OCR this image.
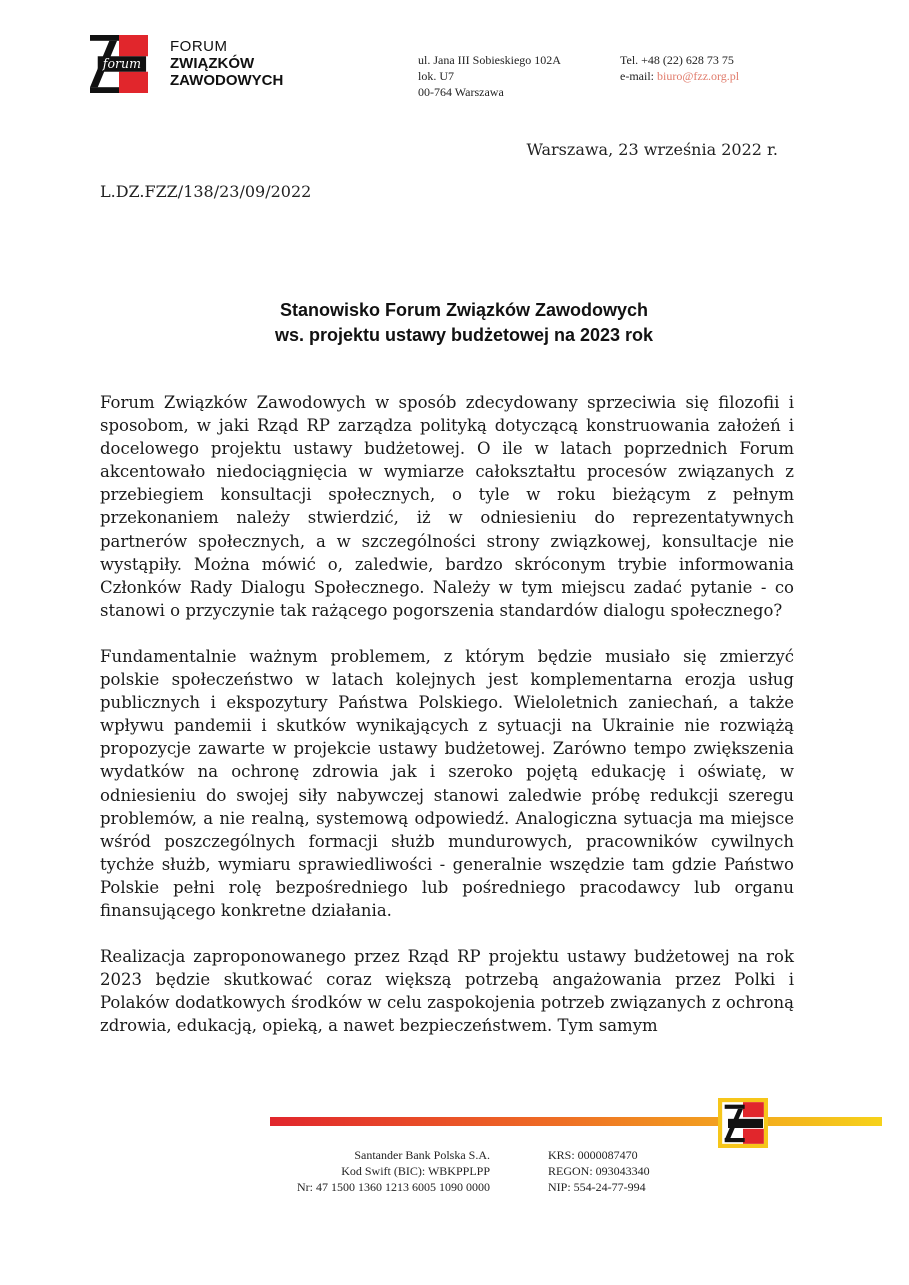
forum
FORUM
ZWIĄZKÓW
ZAWODOWYCH
ul. Jana III Sobieskiego 102A
lok. U7
00-764 Warszawa
Tel. +48 (22) 628 73 75
e-mail: biuro@fzz.org.pl
Warszawa, 23 września 2022 r.
L.DZ.FZZ/138/23/09/2022
Stanowisko Forum Związków Zawodowych
ws. projektu ustawy budżetowej na 2023 rok

Forum Związków Zawodowych w sposób zdecydowany sprzeciwia się filozofii i sposobom, w jaki Rząd RP zarządza polityką dotyczącą konstruowania założeń i docelowego projektu ustawy budżetowej. O ile w latach poprzednich Forum akcentowało niedociągnięcia w wymiarze całokształtu procesów związanych z przebiegiem konsultacji społecznych, o tyle w roku bieżącym z pełnym przekonaniem należy stwierdzić, iż w odniesieniu do reprezentatywnych partnerów społecznych, a w szczególności strony związkowej, konsultacje nie wystąpiły. Można mówić o, zaledwie, bardzo skróconym trybie informowania Członków Rady Dialogu Społecznego. Należy w tym miejscu zadać pytanie - co stanowi o przyczynie tak rażącego pogorszenia standardów dialogu społecznego?

Fundamentalnie ważnym problemem, z którym będzie musiało się zmierzyć polskie społeczeństwo w latach kolejnych jest komplementarna erozja usług publicznych i ekspozytury Państwa Polskiego. Wieloletnich zaniechań, a także wpływu pandemii i skutków wynikających z sytuacji na Ukrainie nie rozwiążą propozycje zawarte w projekcie ustawy budżetowej. Zarówno tempo zwiększenia wydatków na ochronę zdrowia jak i szeroko pojętą edukację i oświatę, w odniesieniu do swojej siły nabywczej stanowi zaledwie próbę redukcji szeregu problemów, a nie realną, systemową odpowiedź. Analogiczna sytuacja ma miejsce wśród poszczególnych formacji służb mundurowych, pracowników cywilnych tychże służb, wymiaru sprawiedliwości - generalnie wszędzie tam gdzie Państwo Polskie pełni rolę bezpośredniego lub pośredniego pracodawcy lub organu finansującego konkretne działania.

Realizacja zaproponowanego przez Rząd RP projektu ustawy budżetowej na rok 2023 będzie skutkować coraz większą potrzebą angażowania przez Polki i Polaków dodatkowych środków w celu zaspokojenia potrzeb związanych z ochroną zdrowia, edukacją, opieką, a nawet bezpieczeństwem. Tym samym

Santander Bank Polska S.A.
Kod Swift (BIC): WBKPPLPP
Nr: 47 1500 1360 1213 6005 1090 0000
KRS: 0000087470
REGON: 093043340
NIP: 554-24-77-994
